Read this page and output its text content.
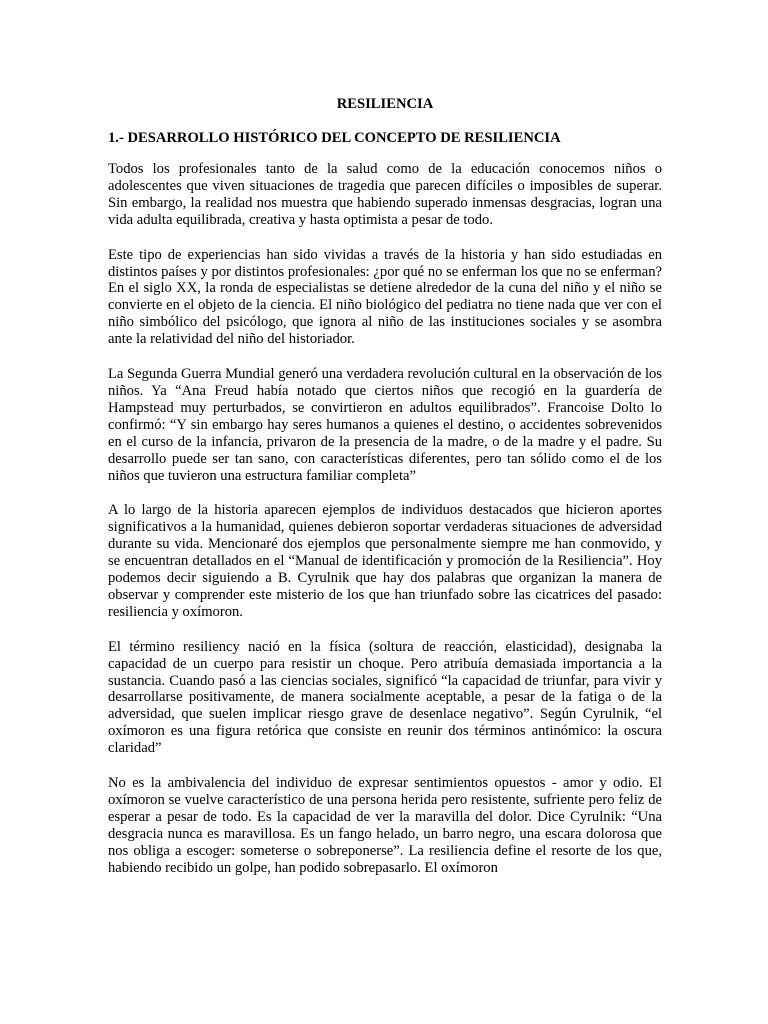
RESILIENCIA
1.- DESARROLLO HISTÓRICO DEL CONCEPTO DE RESILIENCIA

Todos los profesionales tanto de la salud como de la educación conocemos niños o adolescentes que viven situaciones de tragedia que parecen difíciles o imposibles de superar. Sin embargo, la realidad nos muestra que habiendo superado inmensas desgracias, logran una vida adulta equilibrada, creativa y hasta optimista a pesar de todo.

Este tipo de experiencias han sido vividas a través de la historia y han sido estudiadas en distintos países y por distintos profesionales: ¿por qué no se enferman los que no se enferman? En el siglo XX, la ronda de especialistas se detiene alrededor de la cuna del niño y el niño se convierte en el objeto de la ciencia. El niño biológico del pediatra no tiene nada que ver con el niño simbólico del psicólogo, que ignora al niño de las instituciones sociales y se asombra ante la relatividad del niño del historiador.

La Segunda Guerra Mundial generó una verdadera revolución cultural en la observación de los niños. Ya “Ana Freud había notado que ciertos niños que recogió en la guardería de Hampstead muy perturbados, se convirtieron en adultos equilibrados”. Francoise Dolto lo confirmó: “Y sin embargo hay seres humanos a quienes el destino, o accidentes sobrevenidos en el curso de la infancia, privaron de la presencia de la madre, o de la madre y el padre. Su desarrollo puede ser tan sano, con características diferentes, pero tan sólido como el de los niños que tuvieron una estructura familiar completa”

A lo largo de la historia aparecen ejemplos de individuos destacados que hicieron aportes significativos a la humanidad, quienes debieron soportar verdaderas situaciones de adversidad durante su vida. Mencionaré dos ejemplos que personalmente siempre me han conmovido, y se encuentran detallados en el “Manual de identificación y promoción de la Resiliencia”. Hoy podemos decir siguiendo a B. Cyrulnik que hay dos palabras que organizan la manera de observar y comprender este misterio de los que han triunfado sobre las cicatrices del pasado: resiliencia y oxímoron.

El término resiliency nació en la física (soltura de reacción, elasticidad), designaba la capacidad de un cuerpo para resistir un choque. Pero atribuía demasiada importancia a la sustancia. Cuando pasó a las ciencias sociales, significó “la capacidad de triunfar, para vivir y desarrollarse positivamente, de manera socialmente aceptable, a pesar de la fatiga o de la adversidad, que suelen implicar riesgo grave de desenlace negativo”. Según Cyrulnik, “el oxímoron es una figura retórica que consiste en reunir dos términos antinómico: la oscura claridad”

No es la ambivalencia del individuo de expresar sentimientos opuestos - amor y odio. El oxímoron se vuelve característico de una persona herida pero resistente, sufriente pero feliz de esperar a pesar de todo. Es la capacidad de ver la maravilla del dolor. Dice Cyrulnik: “Una desgracia nunca es maravillosa. Es un fango helado, un barro negro, una escara dolorosa que nos obliga a escoger: someterse o sobreponerse”. La resiliencia define el resorte de los que, habiendo recibido un golpe, han podido sobrepasarlo. El oxímoron
